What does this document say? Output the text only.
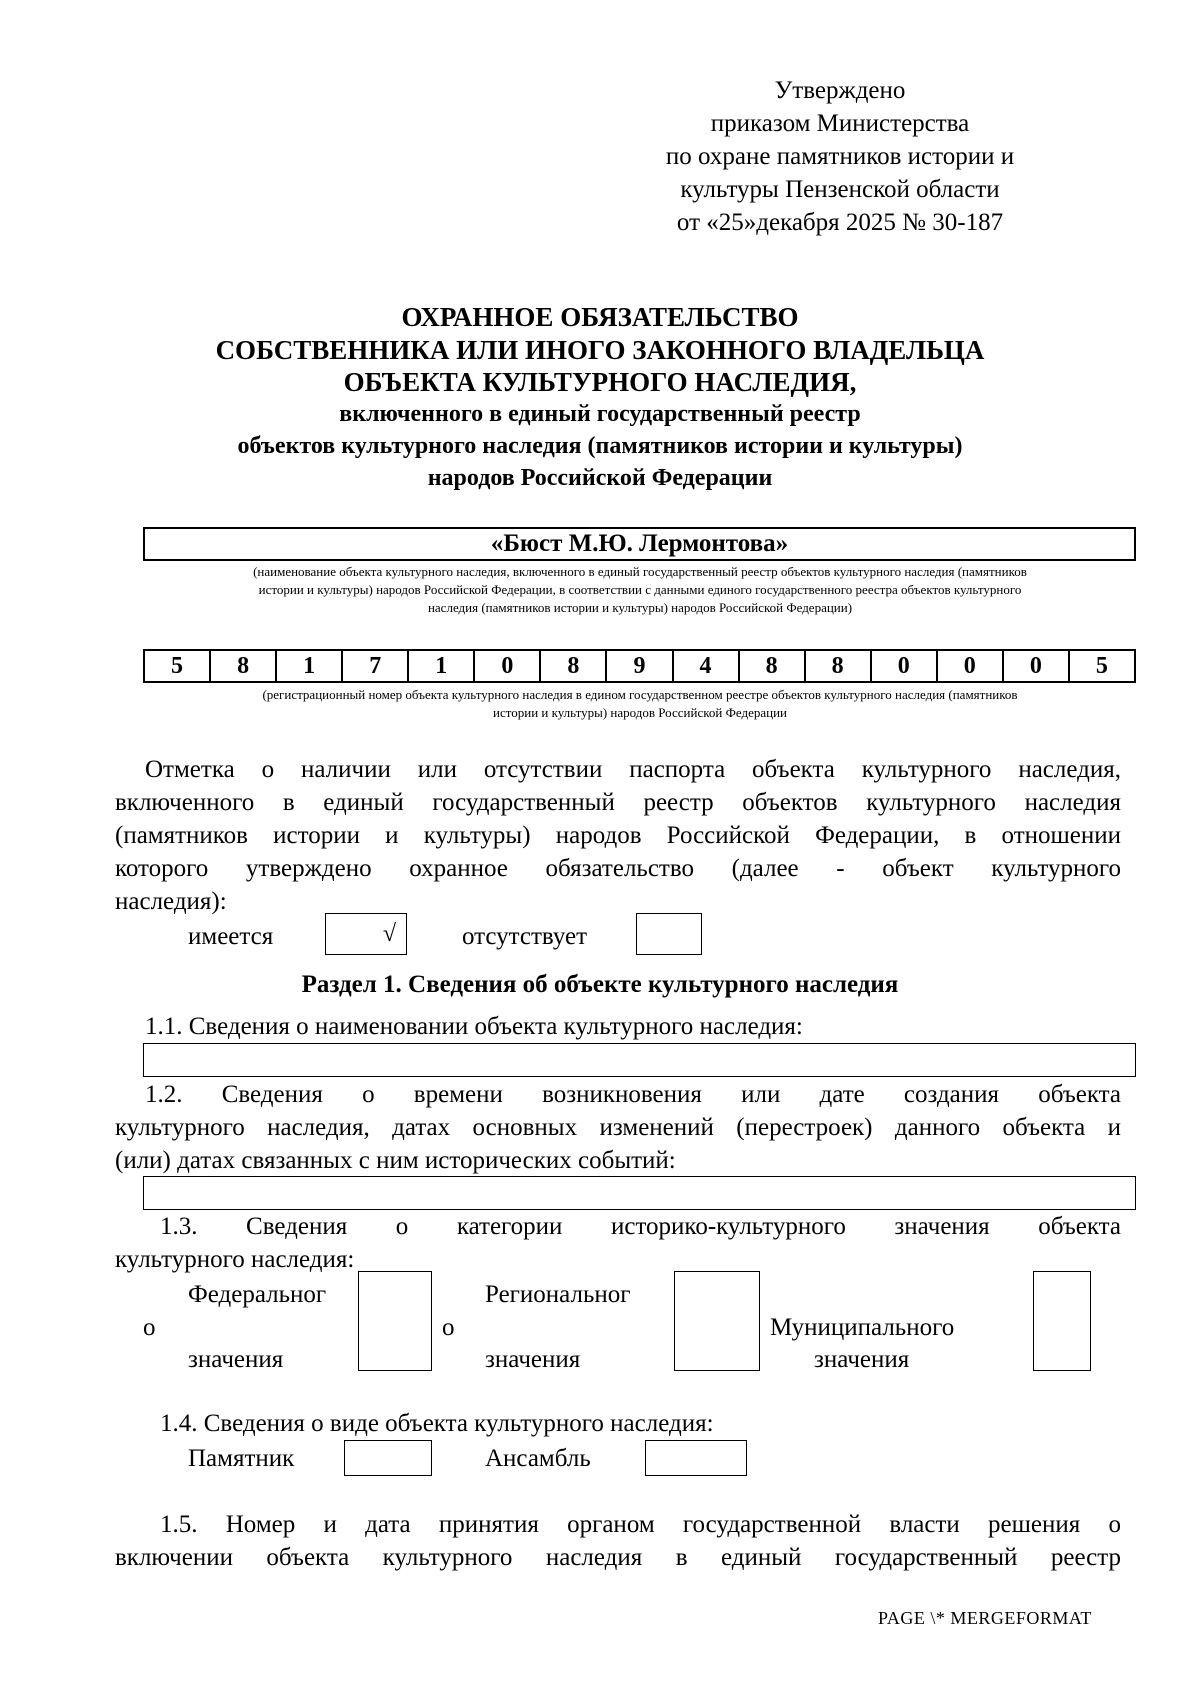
Утверждено
приказом Министерства
по охране памятников истории и
культуры Пензенской области
от «25»декабря 2025 № 30-187
ОХРАННОЕ ОБЯЗАТЕЛЬСТВО
СОБСТВЕННИКА ИЛИ ИНОГО ЗАКОННОГО ВЛАДЕЛЬЦА
ОБЪЕКТА КУЛЬТУРНОГО НАСЛЕДИЯ,
включенного в единый государственный реестр
объектов культурного наследия (памятников истории и культуры)
народов Российской Федерации
«Бюст М.Ю. Лермонтова»
(наименование объекта культурного наследия, включенного в единый государственный реестр объектов культурного наследия (памятников
истории и культуры) народов Российской Федерации, в соответствии с данными единого государственного реестра объектов культурного
наследия (памятников истории и культуры) народов Российской Федерации)
5	8	1	7	1	0	8	9	4	8	8	0	0	0	5
(регистрационный номер объекта культурного наследия в едином государственном реестре объектов культурного наследия (памятников
истории и культуры) народов Российской Федерации
Отметка о наличии или отсутствии паспорта объекта культурного наследия,
включенного в единый государственный реестр объектов культурного наследия
(памятников истории и культуры) народов Российской Федерации, в отношении
которого утверждено охранное обязательство (далее - объект культурного
наследия):
имеется	√	отсутствует
Раздел 1. Сведения об объекте культурного наследия
1.1. Сведения о наименовании объекта культурного наследия:
1.2. Сведения о времени возникновения или дате создания объекта
культурного наследия, датах основных изменений (перестроек) данного объекта и
(или) датах связанных с ним исторических событий:
1.3. Сведения о категории историко-культурного значения объекта
культурного наследия:
Федеральног
о
значения
Региональног
о
значения
Муниципального
значения
1.4. Сведения о виде объекта культурного наследия:
Памятник	Ансамбль
1.5. Номер и дата принятия органом государственной власти решения о
включении объекта культурного наследия в единый государственный реестр
PAGE \* MERGEFORMAT
